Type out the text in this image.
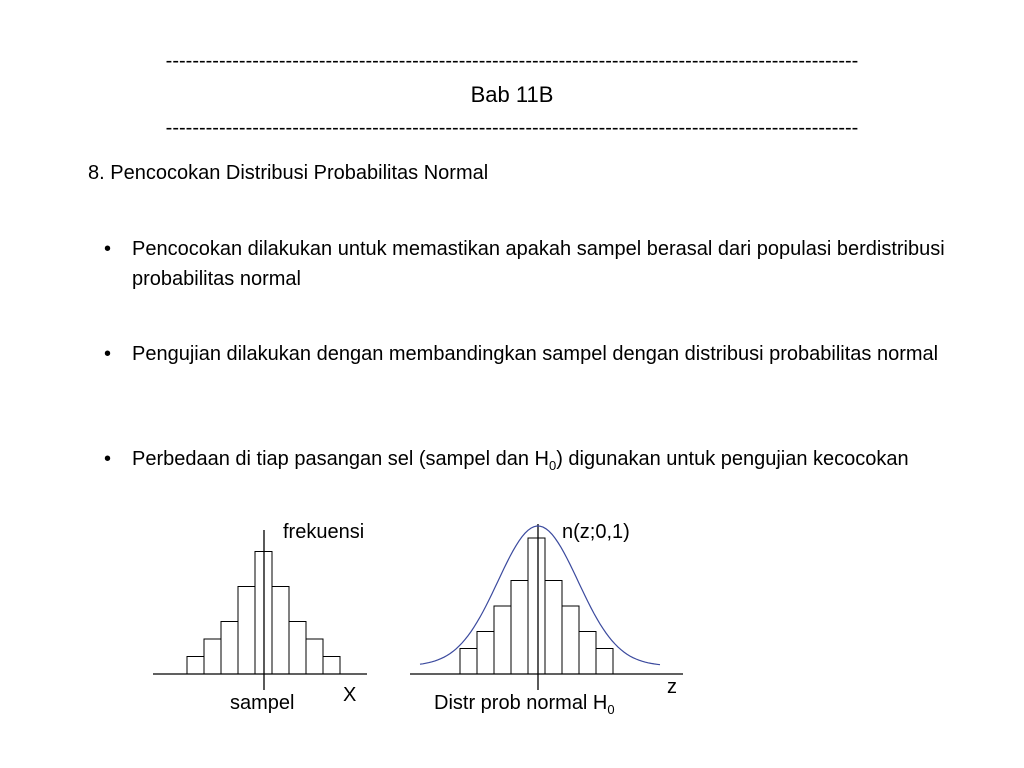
--------------------------------------------------------------------------------------------------------
Bab 11B
--------------------------------------------------------------------------------------------------------
8. Pencocokan Distribusi Probabilitas Normal
• Pencocokan dilakukan untuk memastikan apakah sampel berasal dari populasi berdistribusi probabilitas normal
• Pengujian dilakukan dengan membandingkan sampel dengan distribusi probabilitas normal
• Perbedaan di tiap pasangan sel (sampel dan $H_0$) digunakan untuk pengujian kecocokan
frekuensi	n(z;0,1)
sampel X	Distr prob normal $H_0$
z
